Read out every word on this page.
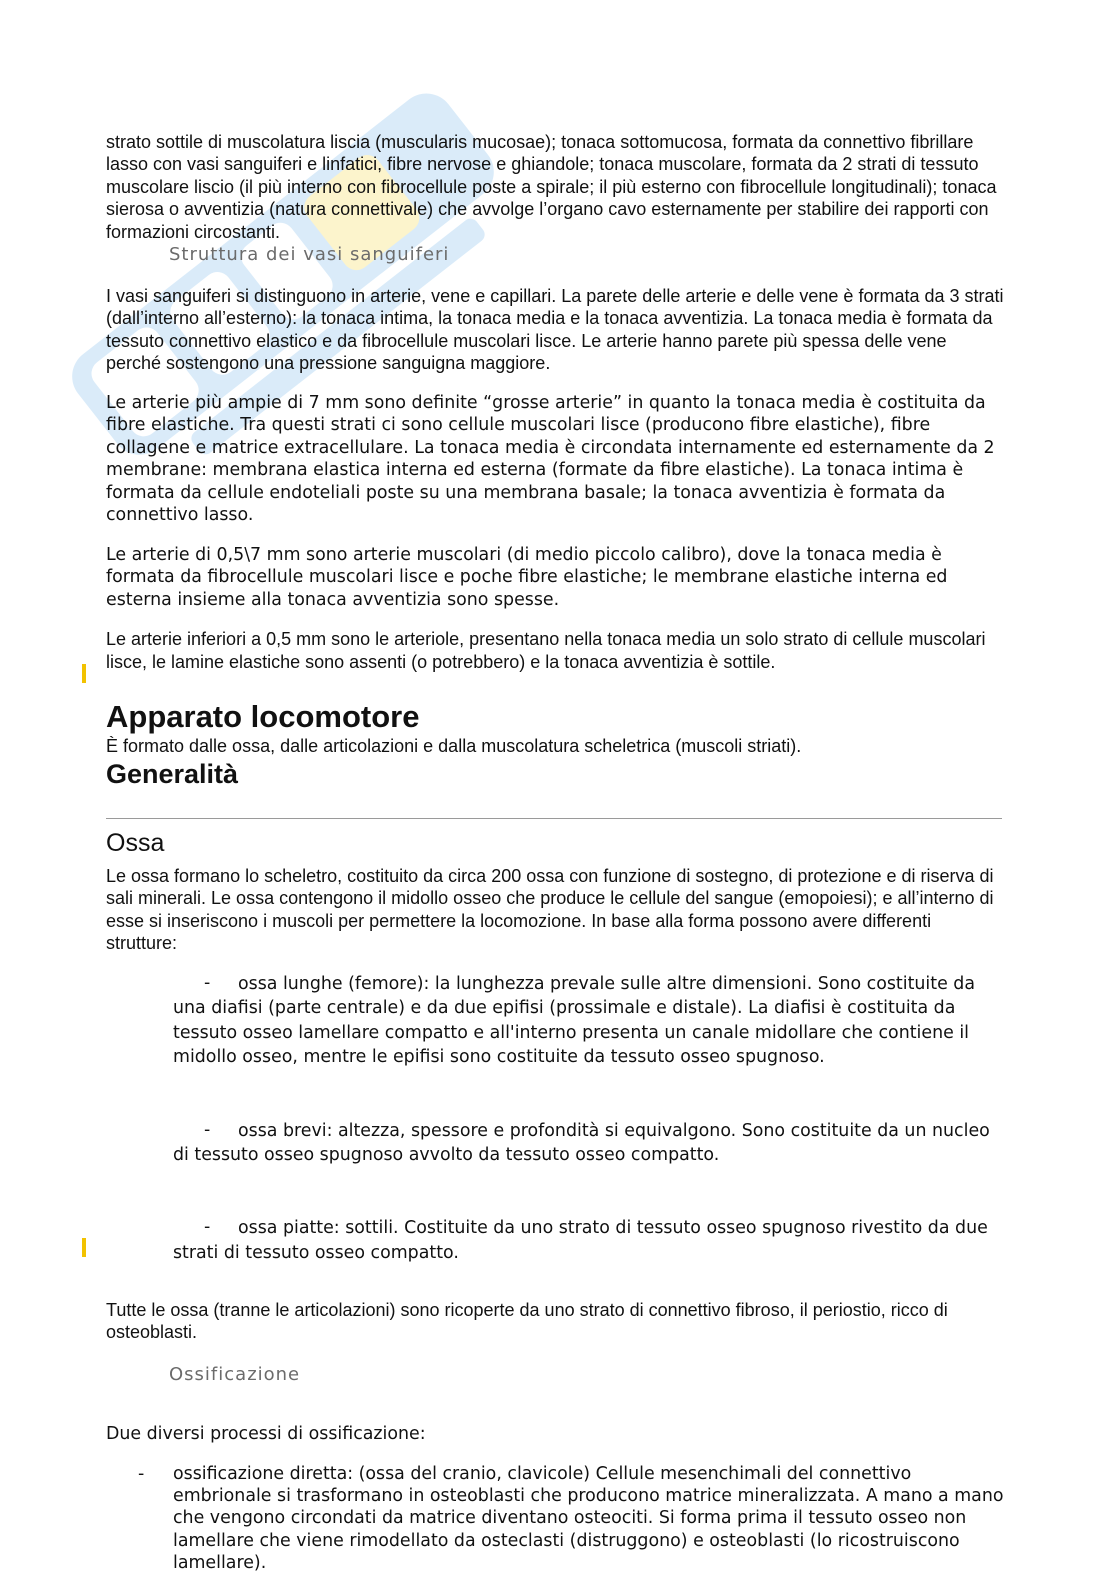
strato sottile di muscolatura liscia (muscularis mucosae); tonaca sottomucosa, formata da connettivo fibrillare lasso con vasi sanguiferi e linfatici, fibre nervose e ghiandole; tonaca muscolare, formata da 2 strati di tessuto muscolare liscio (il più interno con fibrocellule poste a spirale; il più esterno con fibrocellule longitudinali); tonaca sierosa o avventizia (natura connettivale) che avvolge l’organo cavo esternamente per stabilire dei rapporti con formazioni circostanti.

Struttura dei vasi sanguiferi

I vasi sanguiferi si distinguono in arterie, vene e capillari. La parete delle arterie e delle vene è formata da 3 strati (dall’interno all’esterno): la tonaca intima, la tonaca media e la tonaca avventizia. La tonaca media è formata da tessuto connettivo elastico e da fibrocellule muscolari lisce. Le arterie hanno parete più spessa delle vene perché sostengono una pressione sanguigna maggiore.

Le arterie più ampie di 7 mm sono definite “grosse arterie” in quanto la tonaca media è costituita da fibre elastiche. Tra questi strati ci sono cellule muscolari lisce (producono fibre elastiche), fibre collagene e matrice extracellulare. La tonaca media è circondata internamente ed esternamente da 2 membrane: membrana elastica interna ed esterna (formate da fibre elastiche). La tonaca intima è formata da cellule endoteliali poste su una membrana basale; la tonaca avventizia è formata da connettivo lasso.

Le arterie di 0,5\7 mm sono arterie muscolari (di medio piccolo calibro), dove la tonaca media è formata da fibrocellule muscolari lisce e poche fibre elastiche; le membrane elastiche interna ed esterna insieme alla tonaca avventizia sono spesse.

Le arterie inferiori a 0,5 mm sono le arteriole, presentano nella tonaca media un solo strato di cellule muscolari lisce, le lamine elastiche sono assenti (o potrebbero) e la tonaca avventizia è sottile.

Apparato locomotore

È formato dalle ossa, dalle articolazioni e dalla muscolatura scheletrica (muscoli striati).

Generalità
Ossa

Le ossa formano lo scheletro, costituito da circa 200 ossa con funzione di sostegno, di protezione e di riserva di sali minerali. Le ossa contengono il midollo osseo che produce le cellule del sangue (emopoiesi); e all’interno di esse si inseriscono i muscoli per permettere la locomozione. In base alla forma possono avere differenti strutture:

-	ossa lunghe (femore): la lunghezza prevale sulle altre dimensioni. Sono costituite da una diafisi (parte centrale) e da due epifisi (prossimale e distale). La diafisi è costituita da tessuto osseo lamellare compatto e all'interno presenta un canale midollare che contiene il midollo osseo, mentre le epifisi sono costituite da tessuto osseo spugnoso.

-	ossa brevi: altezza, spessore e profondità si equivalgono. Sono costituite da un nucleo di tessuto osseo spugnoso avvolto da tessuto osseo compatto.

-	ossa piatte: sottili. Costituite da uno strato di tessuto osseo spugnoso rivestito da due strati di tessuto osseo compatto.

Tutte le ossa (tranne le articolazioni) sono ricoperte da uno strato di connettivo fibroso, il periostio, ricco di osteoblasti.

Ossificazione

Due diversi processi di ossificazione:

- ossificazione diretta: (ossa del cranio, clavicole) Cellule mesenchimali del connettivo embrionale si trasformano in osteoblasti che producono matrice mineralizzata. A mano a mano che vengono circondati da matrice diventano osteociti. Si forma prima il tessuto osseo non lamellare che viene rimodellato da osteclasti (distruggono) e osteoblasti (lo ricostruiscono lamellare).
